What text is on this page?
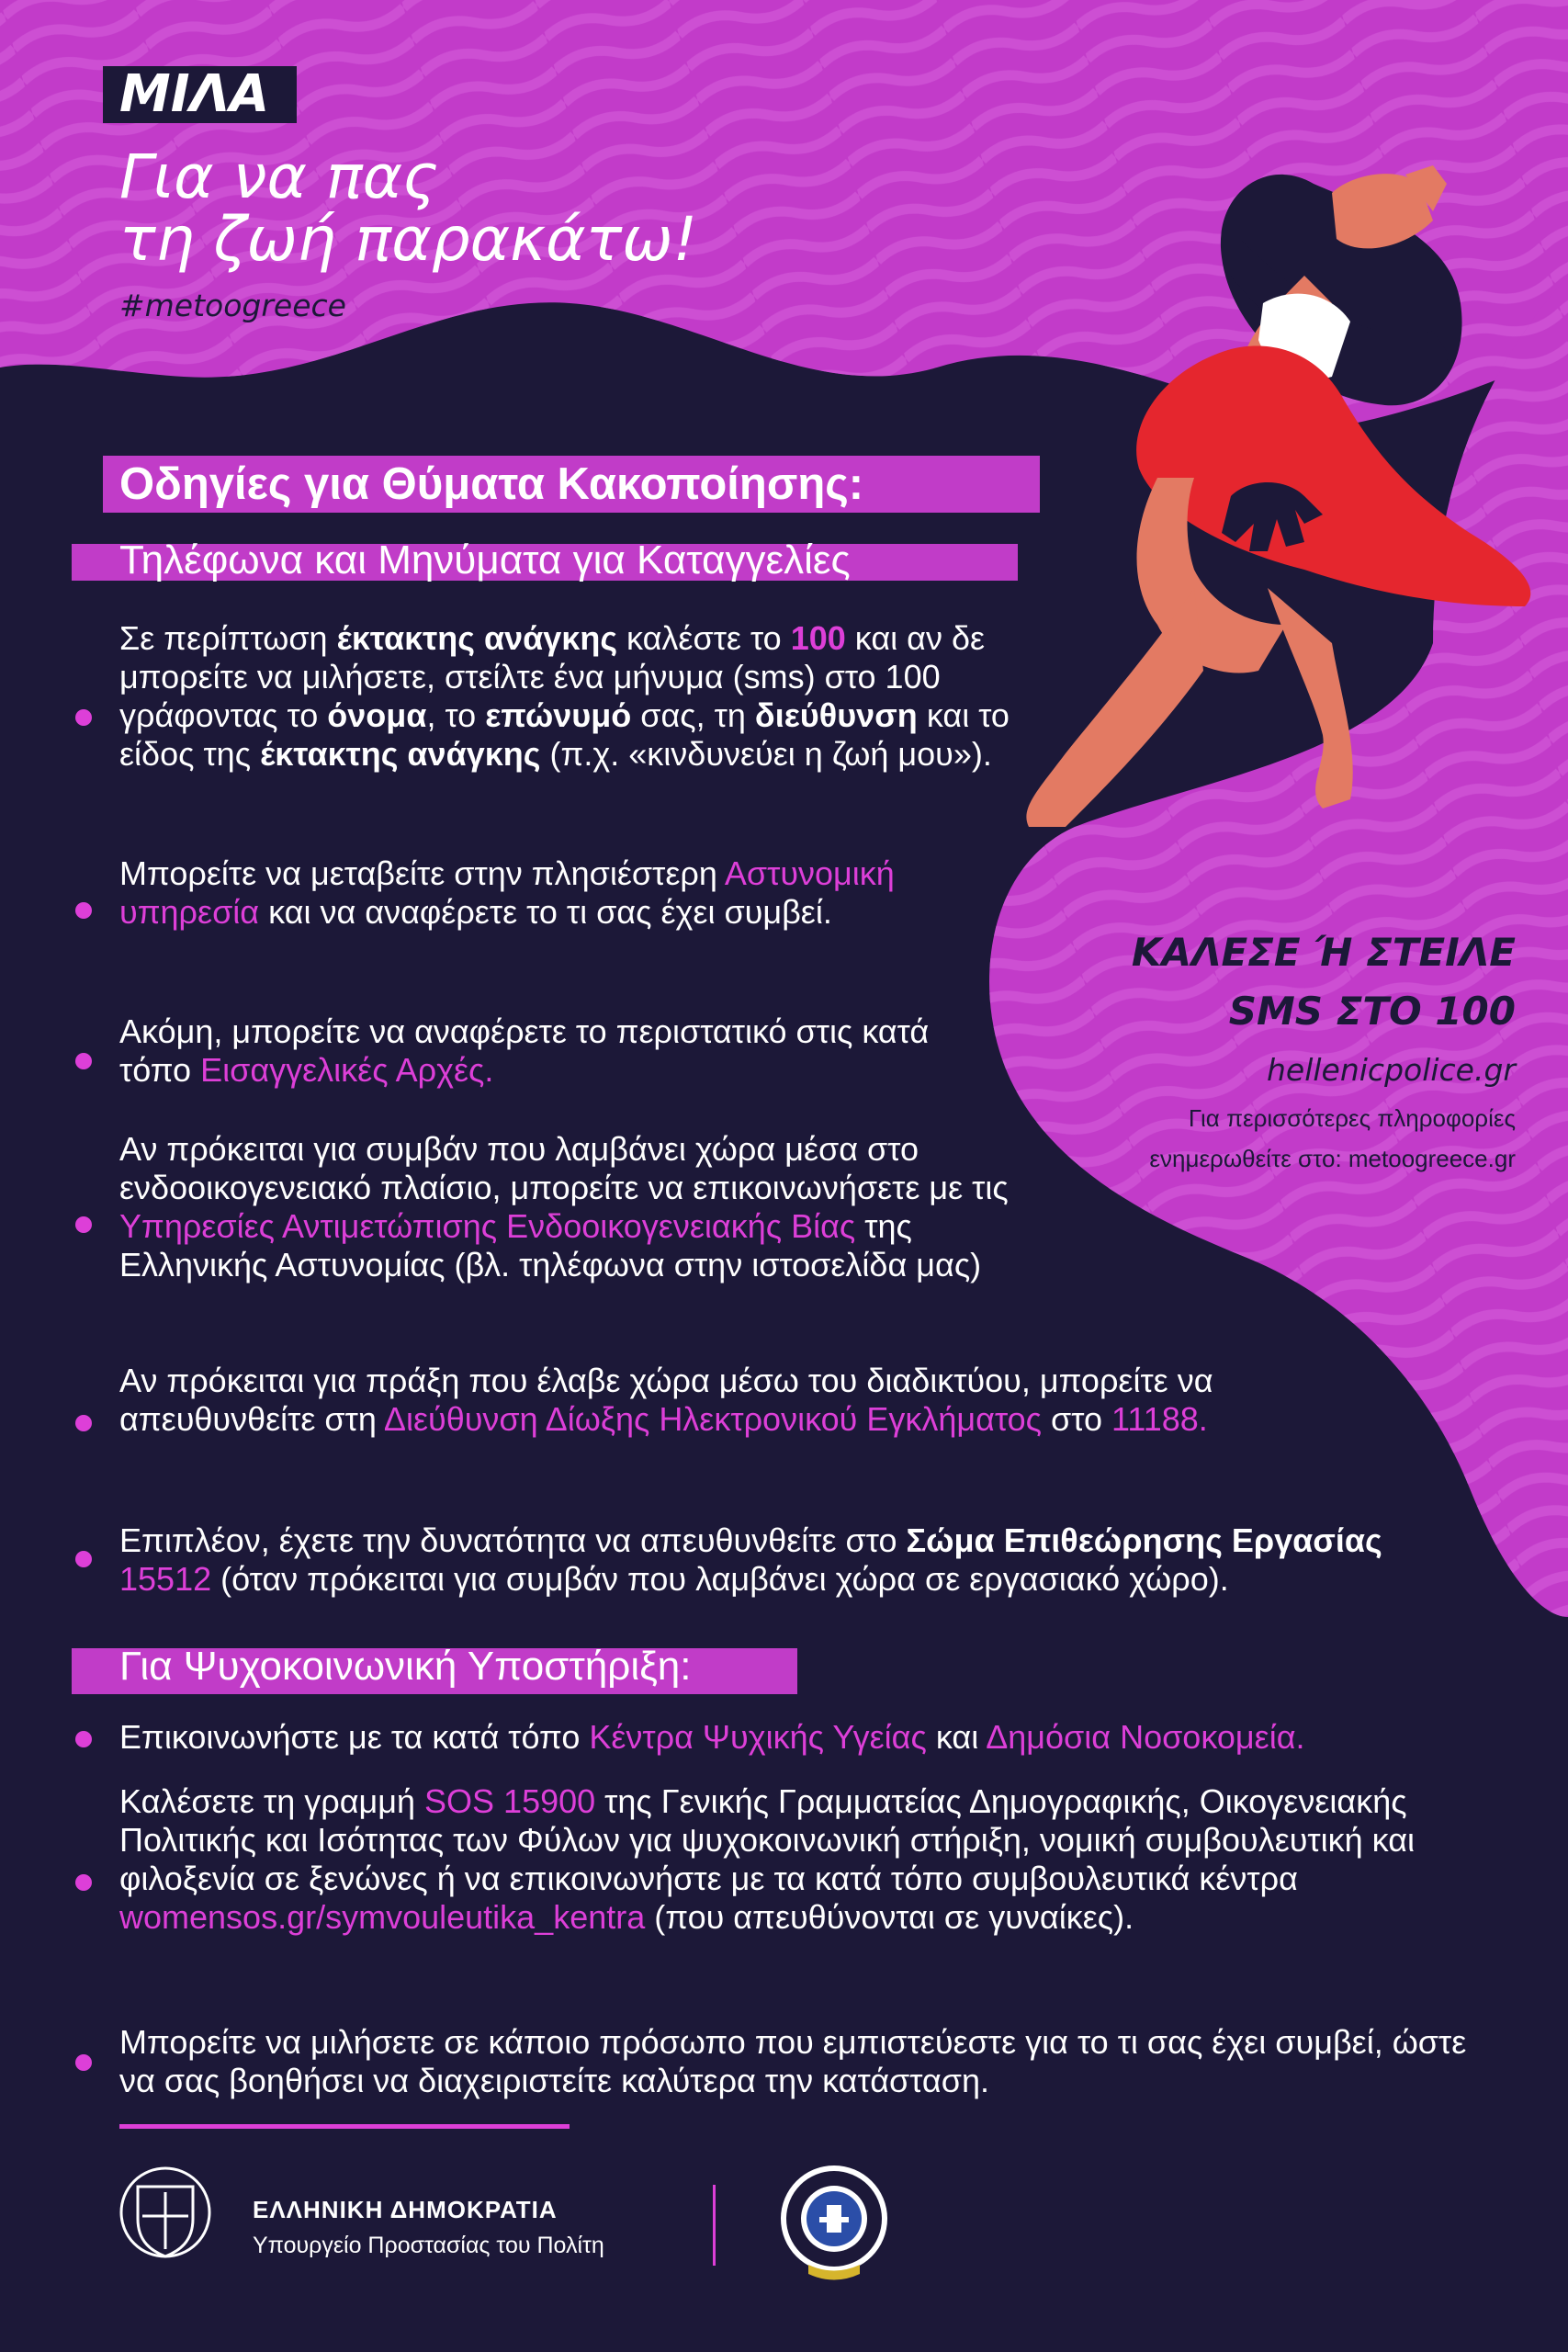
ΜΙΛΑ
Για να πας
τη ζωή παρακάτω!
#metoogreece
Οδηγίες για Θύματα Κακοποίησης:
Τηλέφωνα και Μηνύματα για Καταγγελίες
Σε περίπτωση έκτακτης ανάγκης καλέστε το 100 και αν δε μπορείτε να μιλήσετε, στείλτε ένα μήνυμα (sms) στο 100 γράφοντας το όνομα, το επώνυμό σας, τη διεύθυνση και το είδος της έκτακτης ανάγκης (π.χ. «κινδυνεύει η ζωή μου»).
Μπορείτε να μεταβείτε στην πλησιέστερη Αστυνομική υπηρεσία και να αναφέρετε το τι σας έχει συμβεί.
Ακόμη, μπορείτε να αναφέρετε το περιστατικό στις κατά τόπο Εισαγγελικές Αρχές.
Αν πρόκειται για συμβάν που λαμβάνει χώρα μέσα στο ενδοοικογενειακό πλαίσιο, μπορείτε να επικοινωνήσετε με τις Υπηρεσίες Αντιμετώπισης Ενδοοικογενειακής Βίας της Ελληνικής Αστυνομίας (βλ. τηλέφωνα στην ιστοσελίδα μας)
Αν πρόκειται για πράξη που έλαβε χώρα μέσω του διαδικτύου, μπορείτε να απευθυνθείτε στη Διεύθυνση Δίωξης Ηλεκτρονικού Εγκλήματος στο 11188.
Επιπλέον, έχετε την δυνατότητα να απευθυνθείτε στο Σώμα Επιθεώρησης Εργασίας
15512 (όταν πρόκειται για συμβάν που λαμβάνει χώρα σε εργασιακό χώρο).
Για Ψυχοκοινωνική Υποστήριξη:
Επικοινωνήστε με τα κατά τόπο Κέντρα Ψυχικής Υγείας και Δημόσια Νοσοκομεία.
Καλέσετε τη γραμμή SOS 15900 της Γενικής Γραμματείας Δημογραφικής, Οικογενειακής Πολιτικής και Ισότητας των Φύλων για ψυχοκοινωνική στήριξη, νομική συμβουλευτική και φιλοξενία σε ξενώνες ή να επικοινωνήστε με τα κατά τόπο συμβουλευτικά κέντρα womensos.gr/symvouleutika_kentra (που απευθύνονται σε γυναίκες).
Μπορείτε να μιλήσετε σε κάποιο πρόσωπο που εμπιστεύεστε για το τι σας έχει συμβεί, ώστε να σας βοηθήσει να διαχειριστείτε καλύτερα την κατάσταση.
ΚΑΛΕΣΕ Ή ΣΤΕΙΛΕ
SMS ΣΤΟ 100
hellenicpolice.gr
Για περισσότερες πληροφορίες
ενημερωθείτε στο: metoogreece.gr
ΕΛΛΗΝΙΚΗ ΔΗΜΟΚΡΑΤΙΑ
Υπουργείο Προστασίας του Πολίτη
